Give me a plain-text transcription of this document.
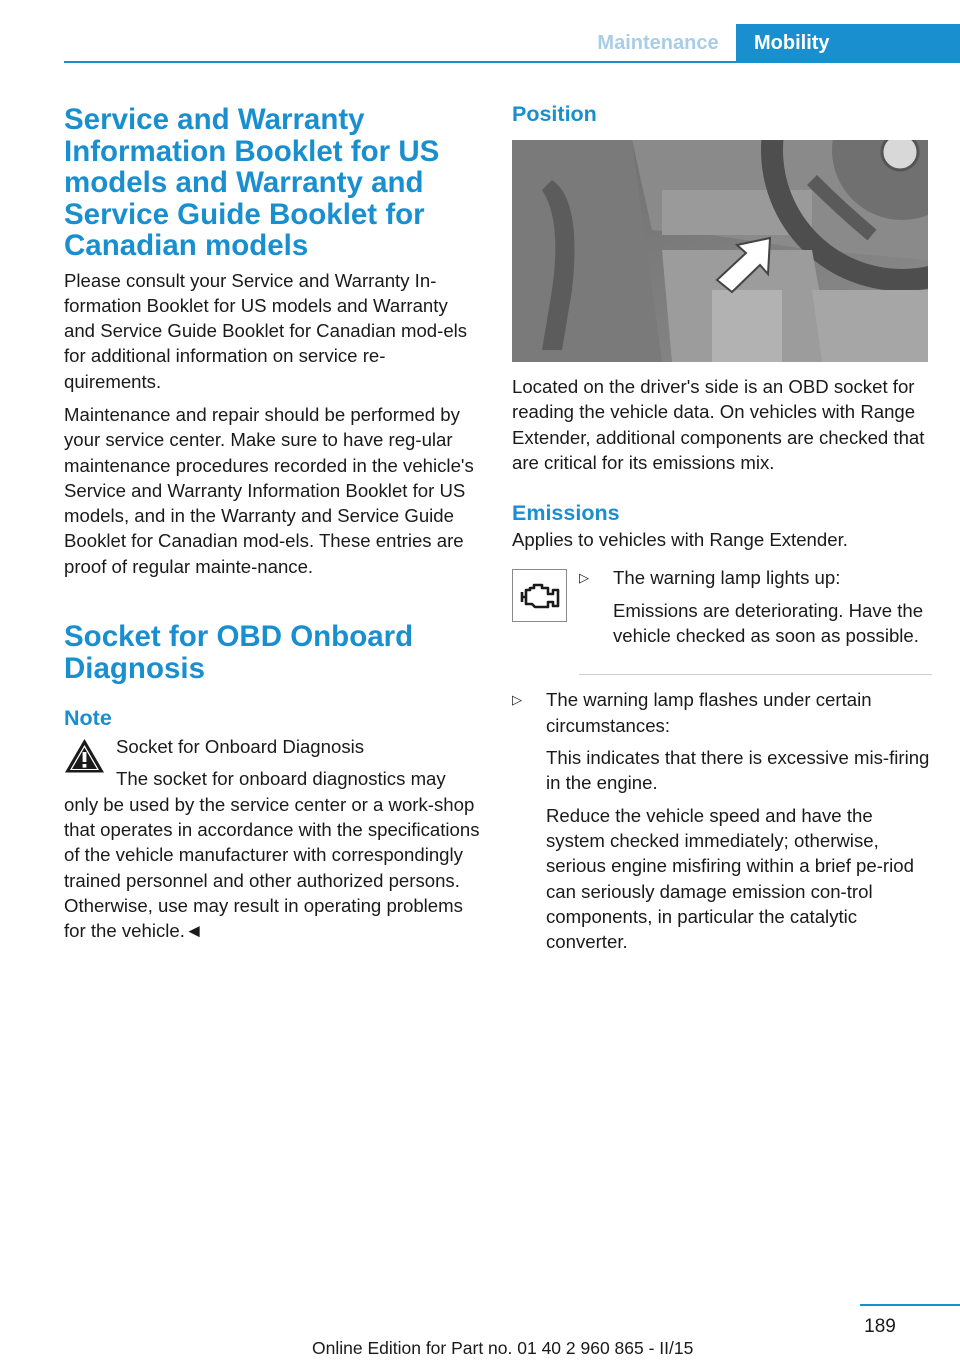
Maintenance	Mobility
Service and Warranty Information Booklet for US models and Warranty and Service Guide Booklet for Canadian models

Please consult your Service and Warranty In-formation Booklet for US models and Warranty and Service Guide Booklet for Canadian mod-els for additional information on service re-quirements.

Maintenance and repair should be performed by your service center. Make sure to have reg-ular maintenance procedures recorded in the vehicle's Service and Warranty Information Booklet for US models, and in the Warranty and Service Guide Booklet for Canadian mod-els. These entries are proof of regular mainte-nance.

Socket for OBD Onboard Diagnosis
Note

Socket for Onboard Diagnosis

The socket for onboard diagnostics may only be used by the service center or a work-shop that operates in accordance with the specifications of the vehicle manufacturer with correspondingly trained personnel and other authorized persons. Otherwise, use may result in operating problems for the vehicle.◄

Position

Located on the driver's side is an OBD socket for reading the vehicle data. On vehicles with Range Extender, additional components are checked that are critical for its emissions mix.

Emissions

Applies to vehicles with Range Extender.

▷ The warning lamp lights up:

Emissions are deteriorating. Have the vehicle checked as soon as possible.

▷ The warning lamp flashes under certain circumstances:

This indicates that there is excessive mis-firing in the engine.

Reduce the vehicle speed and have the system checked immediately; otherwise, serious engine misfiring within a brief pe-riod can seriously damage emission con-trol components, in particular the catalytic converter.

189
Online Edition for Part no. 01 40 2 960 865 - II/15
